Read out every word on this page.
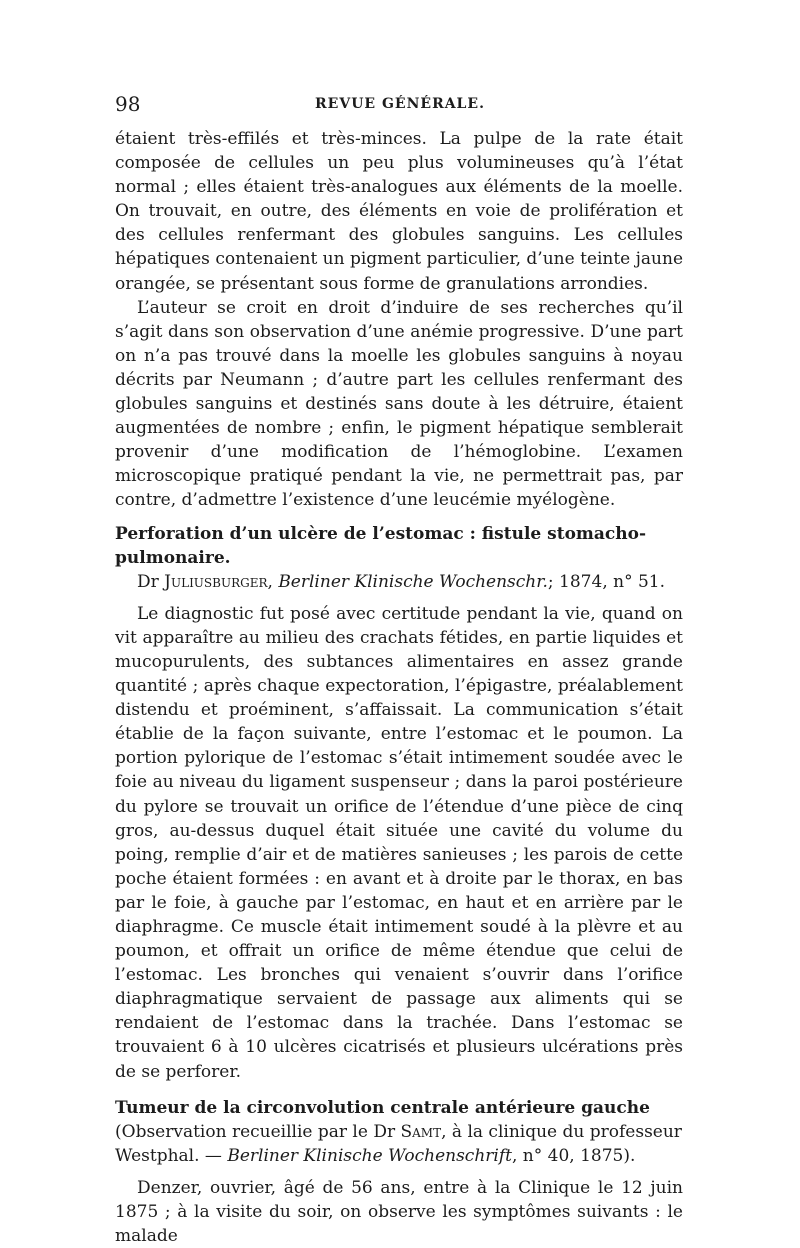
98	REVUE GÉNÉRALE.

étaient très-effilés et très-minces. La pulpe de la rate était composée de cellules un peu plus volumineuses qu’à l’état normal ; elles étaient très-analogues aux éléments de la moelle. On trouvait, en outre, des éléments en voie de prolifération et des cellules renfermant des globules sanguins. Les cellules hépatiques contenaient un pigment particulier, d’une teinte jaune orangée, se présentant sous forme de granulations arrondies.

L’auteur se croit en droit d’induire de ses recherches qu’il s’agit dans son observation d’une anémie progressive. D’une part on n’a pas trouvé dans la moelle les globules sanguins à noyau décrits par Neumann ; d’autre part les cellules renfermant des globules sanguins et destinés sans doute à les détruire, étaient augmentées de nombre ; enfin, le pigment hépatique semblerait provenir d’une modification de l’hémoglobine. L’examen microscopique pratiqué pendant la vie, ne permettrait pas, par contre, d’admettre l’existence d’une leucémie myélogène.

Perforation d’un ulcère de l’estomac : fistule stomacho-pulmonaire.

Dr Juliusburger, Berliner Klinische Wochenschr.; 1874, n° 51.

Le diagnostic fut posé avec certitude pendant la vie, quand on vit apparaître au milieu des crachats fétides, en partie liquides et mucopurulents, des subtances alimentaires en assez grande quantité ; après chaque expectoration, l’épigastre, préalablement distendu et proéminent, s’affaissait. La communication s’était établie de la façon suivante, entre l’estomac et le poumon. La portion pylorique de l’estomac s’était intimement soudée avec le foie au niveau du ligament suspenseur ; dans la paroi postérieure du pylore se trouvait un orifice de l’étendue d’une pièce de cinq gros, au-dessus duquel était située une cavité du volume du poing, remplie d’air et de matières sanieuses ; les parois de cette poche étaient formées : en avant et à droite par le thorax, en bas par le foie, à gauche par l’estomac, en haut et en arrière par le diaphragme. Ce muscle était intimement soudé à la plèvre et au poumon, et offrait un orifice de même étendue que celui de l’estomac. Les bronches qui venaient s’ouvrir dans l’orifice diaphragmatique servaient de passage aux aliments qui se rendaient de l’estomac dans la trachée. Dans l’estomac se trouvaient 6 à 10 ulcères cicatrisés et plusieurs ulcérations près de se perforer.

Tumeur de la circonvolution centrale antérieure gauche (Observation recueillie par le Dr Samt, à la clinique du professeur Westphal. — Berliner Klinische Wochenschrift, n° 40, 1875).

Denzer, ouvrier, âgé de 56 ans, entre à la Clinique le 12 juin 1875 ; à la visite du soir, on observe les symptômes suivants : le malade
